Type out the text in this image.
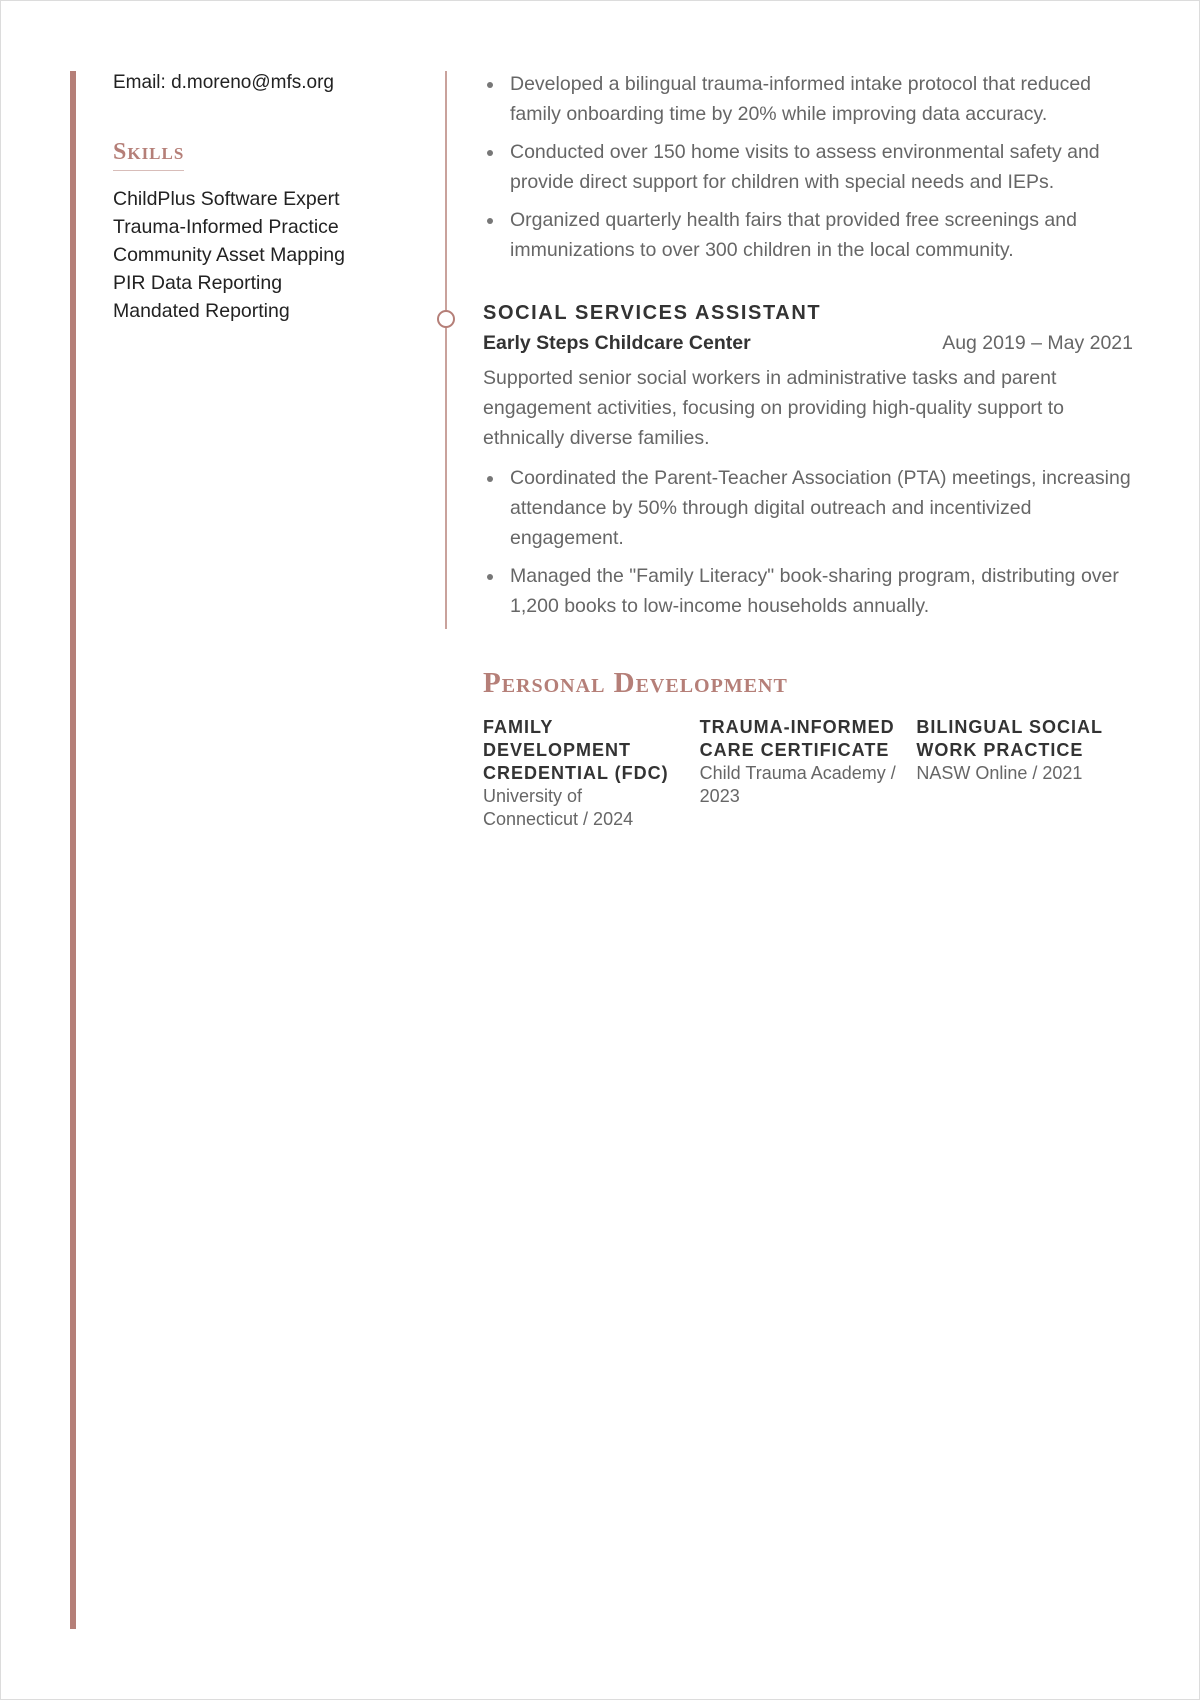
Email: d.moreno@mfs.org
Skills
ChildPlus Software Expert
Trauma-Informed Practice
Community Asset Mapping
PIR Data Reporting
Mandated Reporting
Developed a bilingual trauma-informed intake protocol that reduced family onboarding time by 20% while improving data accuracy.
Conducted over 150 home visits to assess environmental safety and provide direct support for children with special needs and IEPs.
Organized quarterly health fairs that provided free screenings and immunizations to over 300 children in the local community.
SOCIAL SERVICES ASSISTANT
Early Steps Childcare Center	Aug 2019 – May 2021

Supported senior social workers in administrative tasks and parent engagement activities, focusing on providing high-quality support to ethnically diverse families.

Coordinated the Parent-Teacher Association (PTA) meetings, increasing attendance by 50% through digital outreach and incentivized engagement.
Managed the "Family Literacy" book-sharing program, distributing over 1,200 books to low-income households annually.
Personal Development
FAMILY DEVELOPMENT CREDENTIAL (FDC)
University of Connecticut / 2024
TRAUMA-INFORMED CARE CERTIFICATE
Child Trauma Academy / 2023
BILINGUAL SOCIAL WORK PRACTICE
NASW Online / 2021
